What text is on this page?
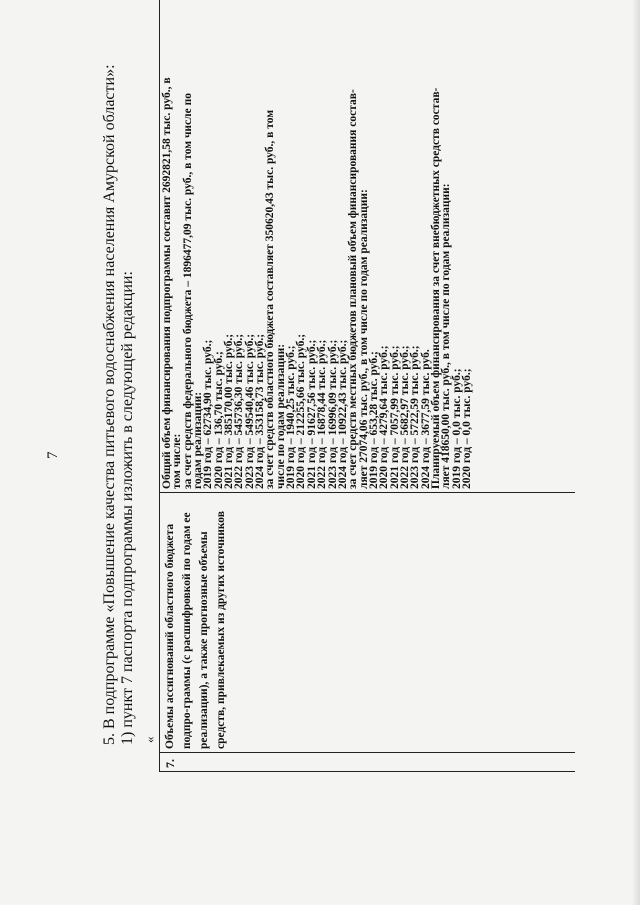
7	5. В подпрограмме «Повышение качества питьевого водоснабжения населения Амурской области»: 1) пункт 7 паспорта подпрограммы изложить в следующей редакции: «
7.
Объемы ассигнований областного бюджета подпро-граммы (с расшифровкой по годам ее реализации), а также прогнозные объемы средств, привлекаемых из других источников
Общий объем финансирования подпрограммы составит 2692821,58 тыс. руб., в
том числе:
за счет средств федерального бюджета – 1896477,09 тыс. руб., в том числе по
годам реализации:
2019 год – 62734,90 тыс. руб.;
2020 год – 136,70 тыс. руб.;
2021 год – 385170,00 тыс. руб.;
2022 год – 545736,30 тыс. руб.;
2023 год – 549540,46 тыс. руб.;
2024 год – 353158,73 тыс. руб.;
за счет средств областного бюджета составляет 350620,43 тыс. руб., в том
числе по годам реализации:
2019 год – 1940,25 тыс. руб.;
2020 год – 212255,66 тыс. руб.;
2021 год – 91627,56 тыс. руб.;
2022 год – 16878,44 тыс. руб.;
2023 год – 16996,09 тыс. руб.;
2024 год – 10922,43 тыс. руб.;
за счет средств местных бюджетов плановый объем финансирования состав-
ляет 27074,06 тыс. руб., в том числе по годам реализации:
2019 год – 653,28 тыс. руб.;
2020 год – 4279,64 тыс. руб.;
2021 год – 7057,99 тыс. руб.;
2022 год – 5682,97 тыс. руб.;
2023 год – 5722,59 тыс. руб.;
2024 год – 3677,59 тыс. руб.
Планируемый объем финансирования за счет внебюджетных средств состав-
ляет 418650,00 тыс. руб., в том числе по годам реализации:
2019 год – 0,0 тыс. руб.;
2020 год – 0,0 тыс. руб.;
